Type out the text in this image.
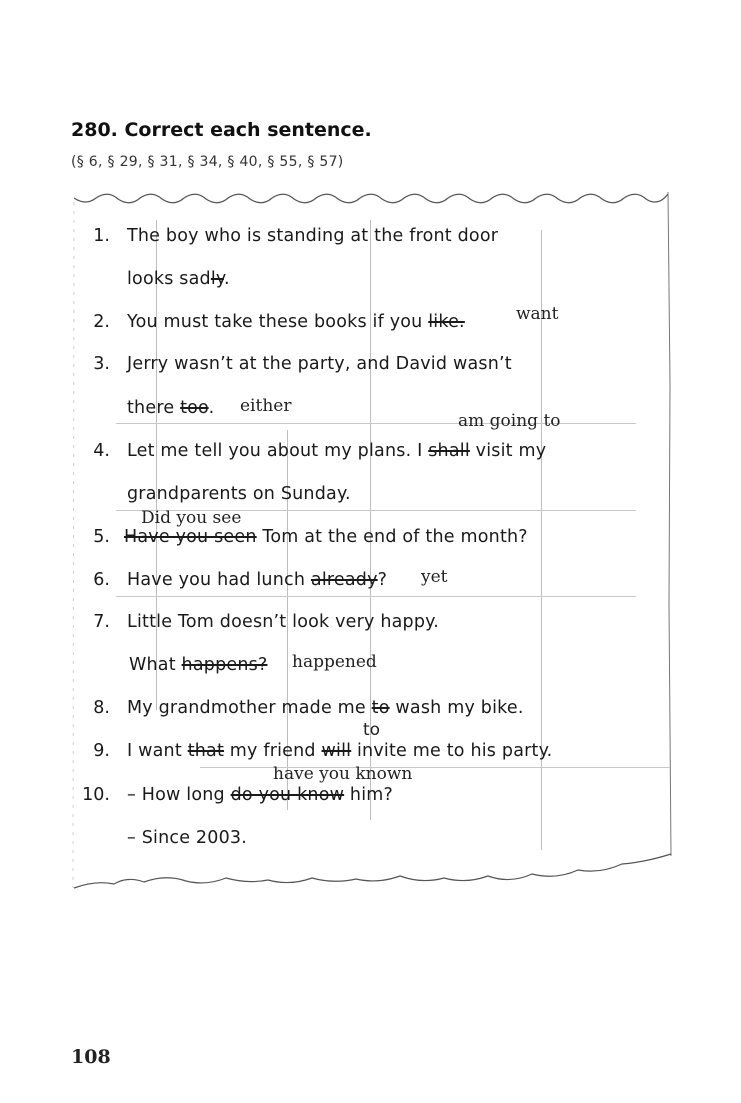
280. Correct each sentence.
(§ 6, § 29, § 31, § 34, § 40, § 55, § 57)
1. The boy who is standing at the front door
looks sadly.
2. You must take these books if you like.	want
3. Jerry wasn’t at the party, and David wasn’t
there too. either
am going to
4. Let me tell you about my plans. I shall visit my
grandparents on Sunday.
Did you see
5. Have you seen Tom at the end of the month?
6. Have you had lunch already? yet
7. Little Tom doesn’t look very happy.
What happens? happened
8. My grandmother made me to wash my bike.
to
9. I want that my friend will invite me to his party.
have you known
10. – How long do you know him?
– Since 2003.
108
